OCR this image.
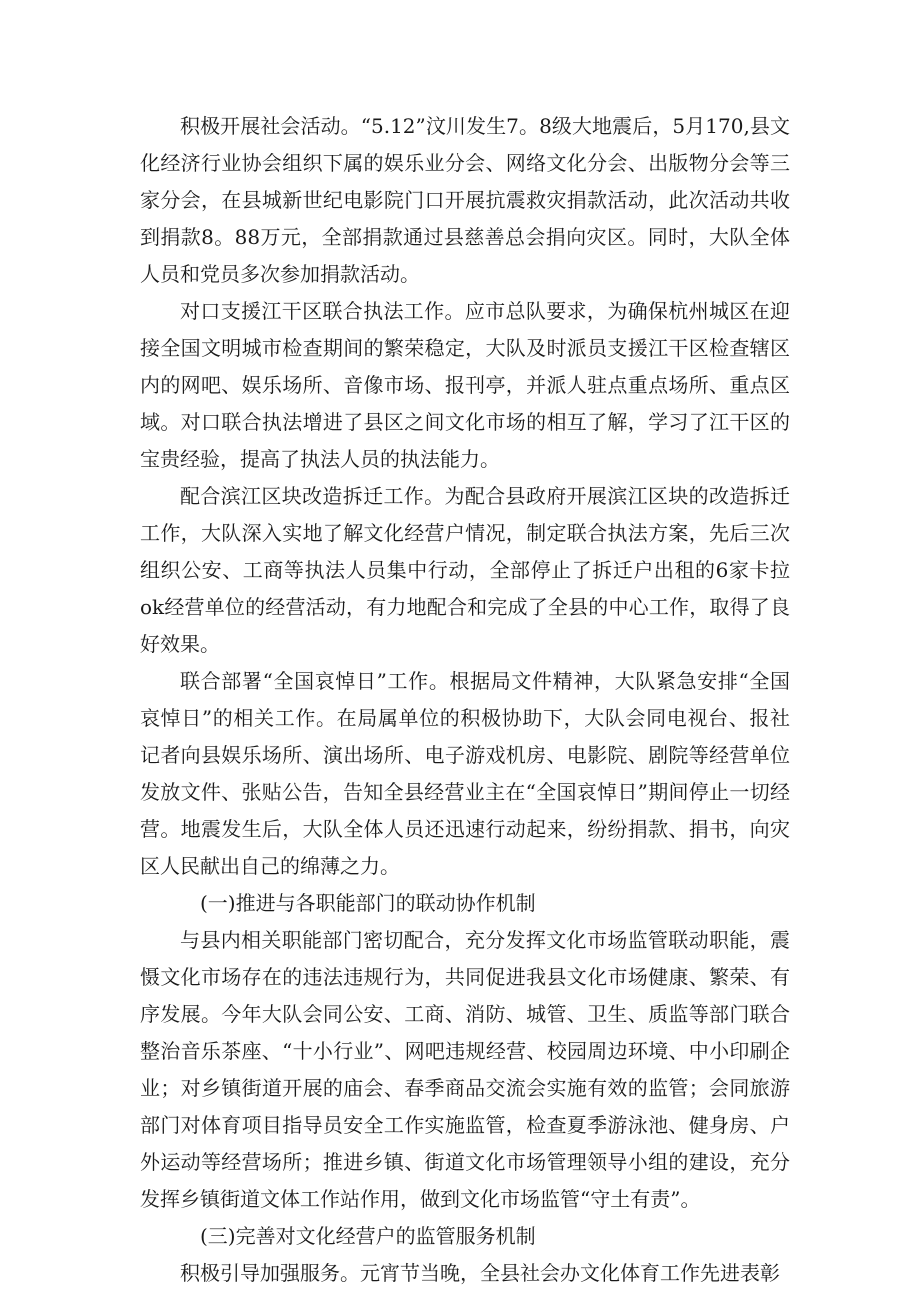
积极开展社会活动。“5.12”汶川发生7。8级大地震后，5月170,县文化经济行业协会组织下属的娱乐业分会、网络文化分会、出版物分会等三家分会，在县城新世纪电影院门口开展抗震救灾捐款活动，此次活动共收到捐款8。88万元，全部捐款通过县慈善总会捐向灾区。同时，大队全体人员和党员多次参加捐款活动。

对口支援江干区联合执法工作。应市总队要求，为确保杭州城区在迎接全国文明城市检查期间的繁荣稳定，大队及时派员支援江干区检查辖区内的网吧、娱乐场所、音像市场、报刊亭，并派人驻点重点场所、重点区域。对口联合执法增进了县区之间文化市场的相互了解，学习了江干区的宝贵经验，提高了执法人员的执法能力。

配合滨江区块改造拆迁工作。为配合县政府开展滨江区块的改造拆迁工作，大队深入实地了解文化经营户情况，制定联合执法方案，先后三次组织公安、工商等执法人员集中行动，全部停止了拆迁户出租的6家卡拉ok经营单位的经营活动，有力地配合和完成了全县的中心工作，取得了良好效果。

联合部署“全国哀悼日”工作。根据局文件精神，大队紧急安排“全国哀悼日”的相关工作。在局属单位的积极协助下，大队会同电视台、报社记者向县娱乐场所、演出场所、电子游戏机房、电影院、剧院等经营单位发放文件、张贴公告，告知全县经营业主在“全国哀悼日”期间停止一切经营。地震发生后，大队全体人员还迅速行动起来，纷纷捐款、捐书，向灾区人民献出自己的绵薄之力。

(一)推进与各职能部门的联动协作机制

与县内相关职能部门密切配合，充分发挥文化市场监管联动职能，震慑文化市场存在的违法违规行为，共同促进我县文化市场健康、繁荣、有序发展。今年大队会同公安、工商、消防、城管、卫生、质监等部门联合整治音乐茶座、“十小行业”、网吧违规经营、校园周边环境、中小印刷企业；对乡镇街道开展的庙会、春季商品交流会实施有效的监管；会同旅游部门对体育项目指导员安全工作实施监管，检查夏季游泳池、健身房、户外运动等经营场所；推进乡镇、街道文化市场管理领导小组的建设，充分发挥乡镇街道文体工作站作用，做到文化市场监管“守土有责”。

(三)完善对文化经营户的监管服务机制

积极引导加强服务。元宵节当晚，全县社会办文化体育工作先进表彰
